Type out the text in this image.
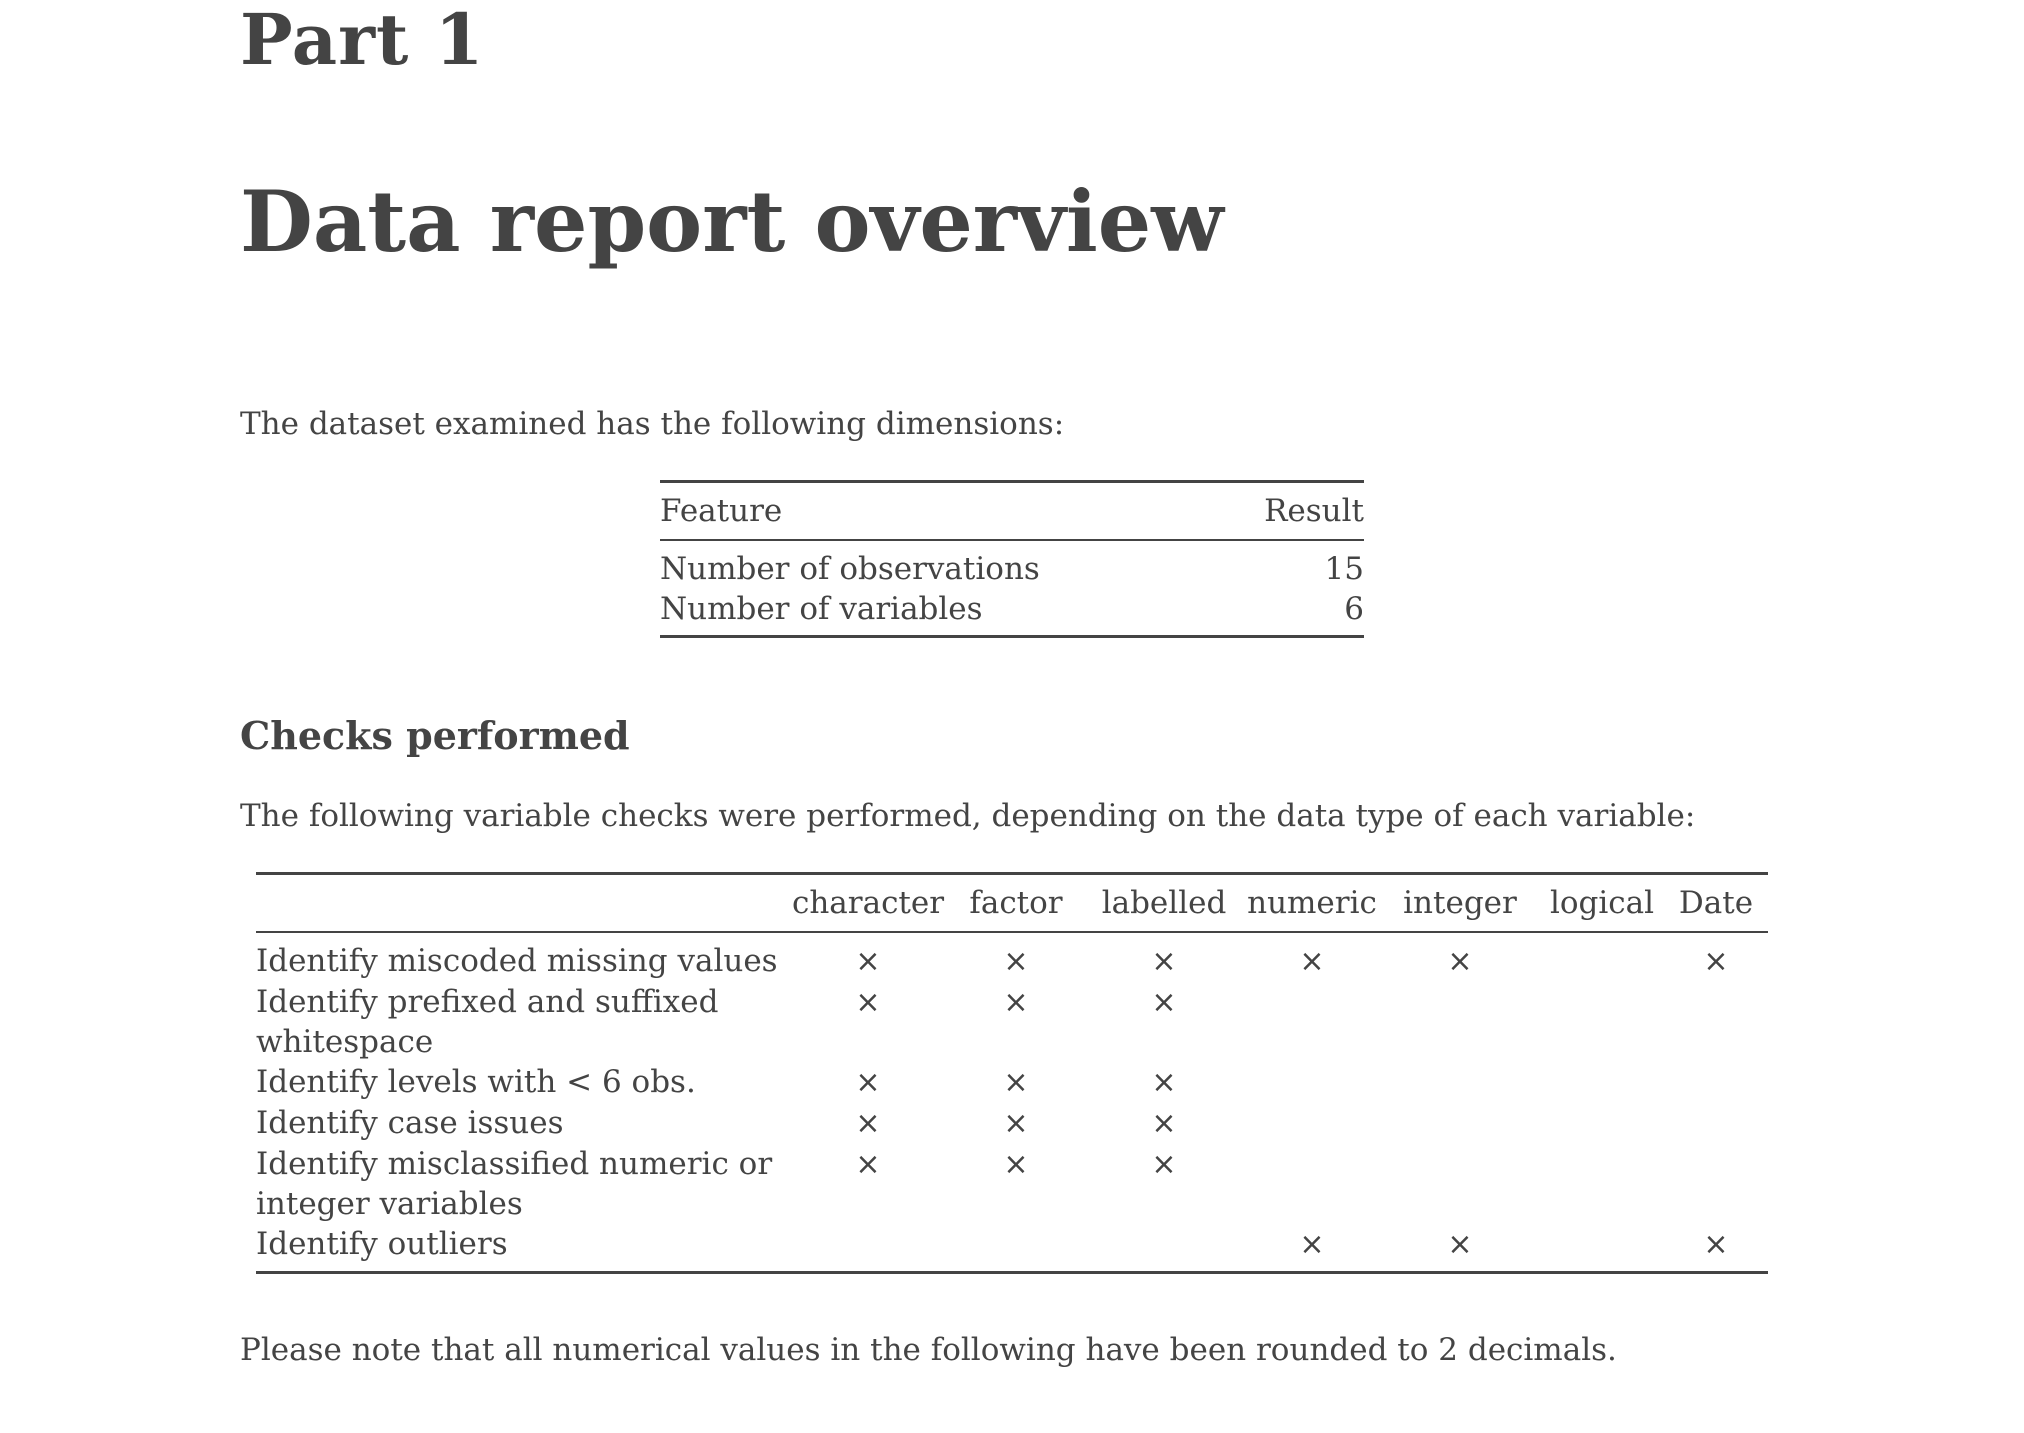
Part 1
Data report overview

The dataset examined has the following dimensions:

Feature	Result
Number of observations	15
Number of variables	6
Checks performed

The following variable checks were performed, depending on the data type of each variable:

	character	factor	labelled	numeric	integer	logical	Date
Identify miscoded missing values	×	×	×	×	×		×
Identify prefixed and suffixed whitespace	×	×	×				
Identify levels with < 6 obs.	×	×	×				
Identify case issues	×	×	×				
Identify misclassified numeric or integer variables	×	×	×				
Identify outliers				×	×		×

Please note that all numerical values in the following have been rounded to 2 decimals.
